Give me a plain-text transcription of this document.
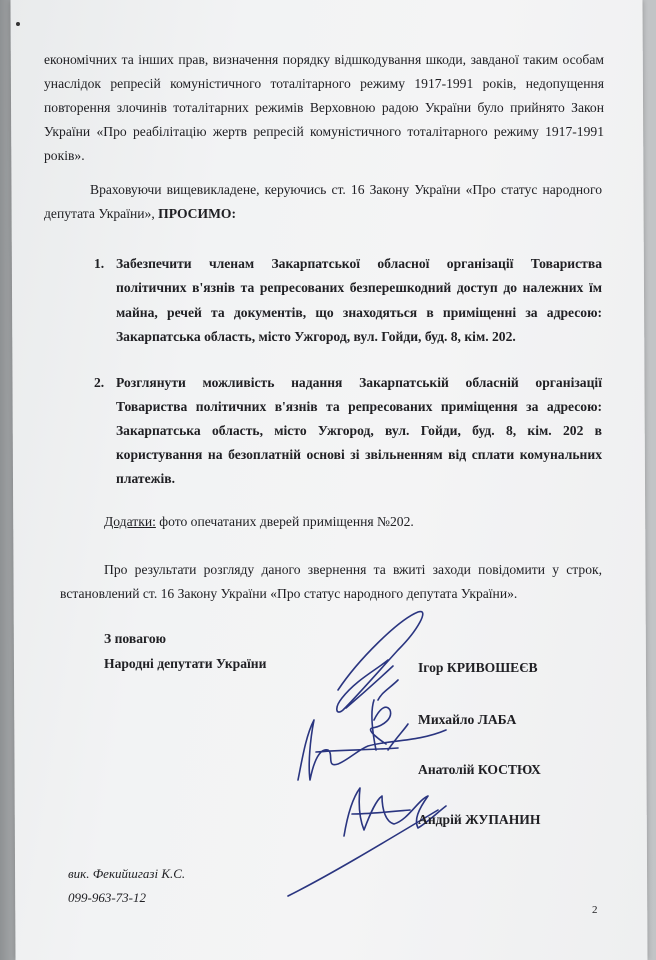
економічних та інших прав, визначення порядку відшкодування шкоди, завданої таким особам
унаслідок репресій комуністичного тоталітарного режиму 1917-1991 років, недопущення
повторення злочинів тоталітарних режимів Верховною радою України було прийнято Закон
України «Про реабілітацію жертв репресій комуністичного тоталітарного режиму 1917-1991
років».
Враховуючи вищевикладене, керуючись ст. 16 Закону України «Про статус народного
депутата України», ПРОСИМО:
1. Забезпечити членам Закарпатської обласної організації Товариства
політичних в'язнів та репресованих безперешкодний доступ до належних їм
майна, речей та документів, що знаходяться в приміщенні за адресою:
Закарпатська область, місто Ужгород, вул. Гойди, буд. 8, кім. 202.
2. Розглянути можливість надання Закарпатській обласній організації
Товариства політичних в'язнів та репресованих приміщення за адресою:
Закарпатська область, місто Ужгород, вул. Гойди, буд. 8, кім. 202 в
користування на безоплатній основі зі звільненням від сплати комунальних
платежів.
Додатки: фото опечатаних дверей приміщення №202.
Про результати розгляду даного звернення та вжиті заходи повідомити у строк,
встановлений ст. 16 Закону України «Про статус народного депутата України».
З повагою
Народні депутати України	Ігор КРИВОШЕЄВ
Михайло ЛАБА
Анатолій КОСТЮХ
Андрій ЖУПАНИН
вик. Фекийшгазі К.С.
099-963-73-12
2
